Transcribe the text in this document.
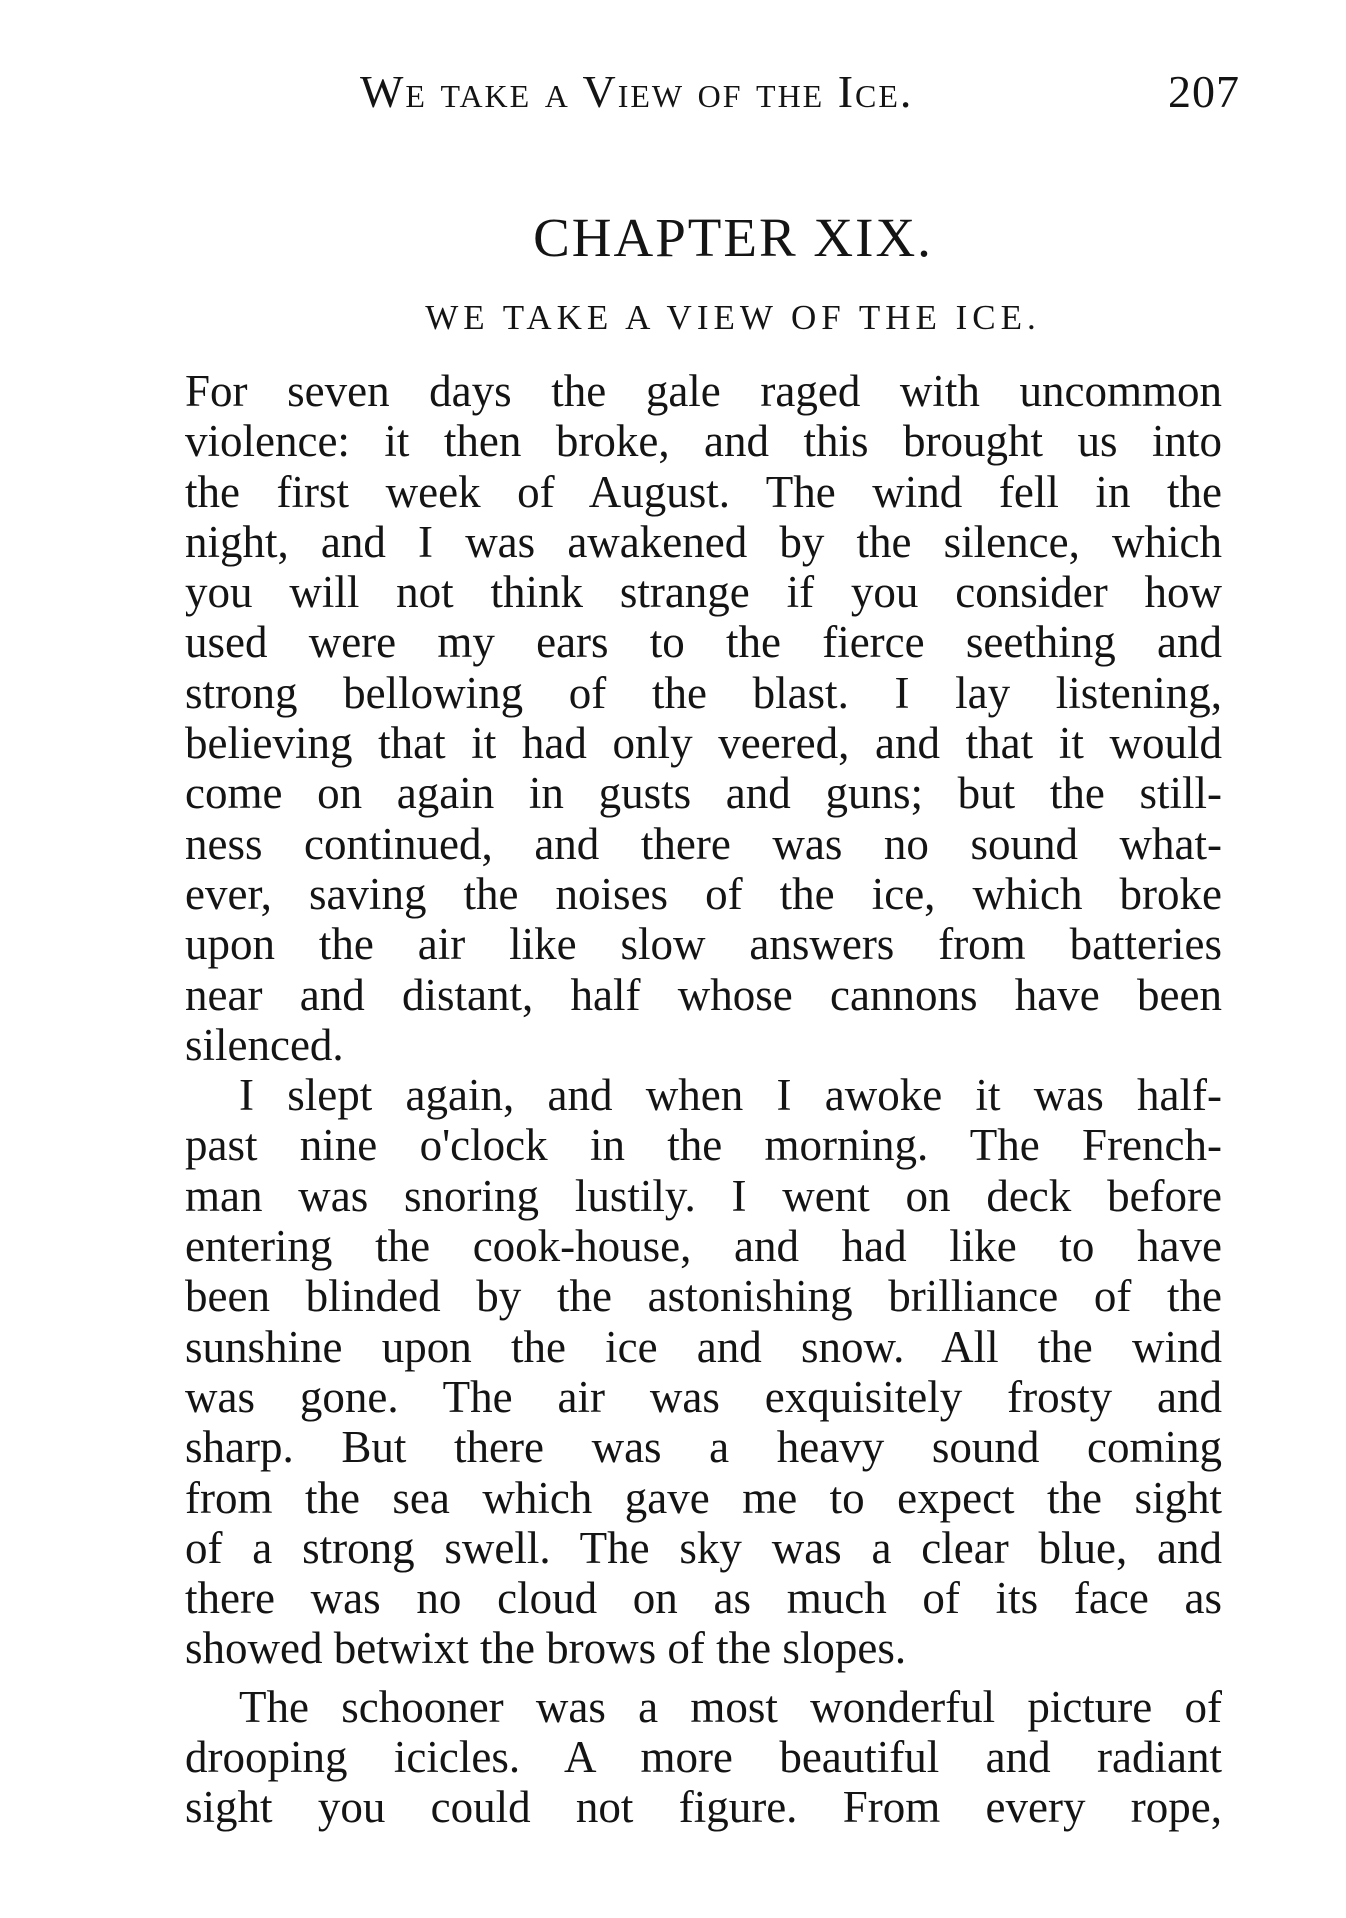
We take a View of the Ice.	207
CHAPTER XIX.
WE TAKE A VIEW OF THE ICE.

For seven days the gale raged with uncommon
violence: it then broke, and this brought us into
the first week of August. The wind fell in the
night, and I was awakened by the silence, which
you will not think strange if you consider how
used were my ears to the fierce seething and
strong bellowing of the blast. I lay listening,
believing that it had only veered, and that it would
come on again in gusts and guns; but the still-
ness continued, and there was no sound what-
ever, saving the noises of the ice, which broke
upon the air like slow answers from batteries
near and distant, half whose cannons have been
silenced.

I slept again, and when I awoke it was half-
past nine o'clock in the morning. The French-
man was snoring lustily. I went on deck before
entering the cook-house, and had like to have
been blinded by the astonishing brilliance of the
sunshine upon the ice and snow. All the wind
was gone. The air was exquisitely frosty and
sharp. But there was a heavy sound coming
from the sea which gave me to expect the sight
of a strong swell. The sky was a clear blue, and
there was no cloud on as much of its face as
showed betwixt the brows of the slopes.

The schooner was a most wonderful picture of
drooping icicles. A more beautiful and radiant
sight you could not figure. From every rope,
